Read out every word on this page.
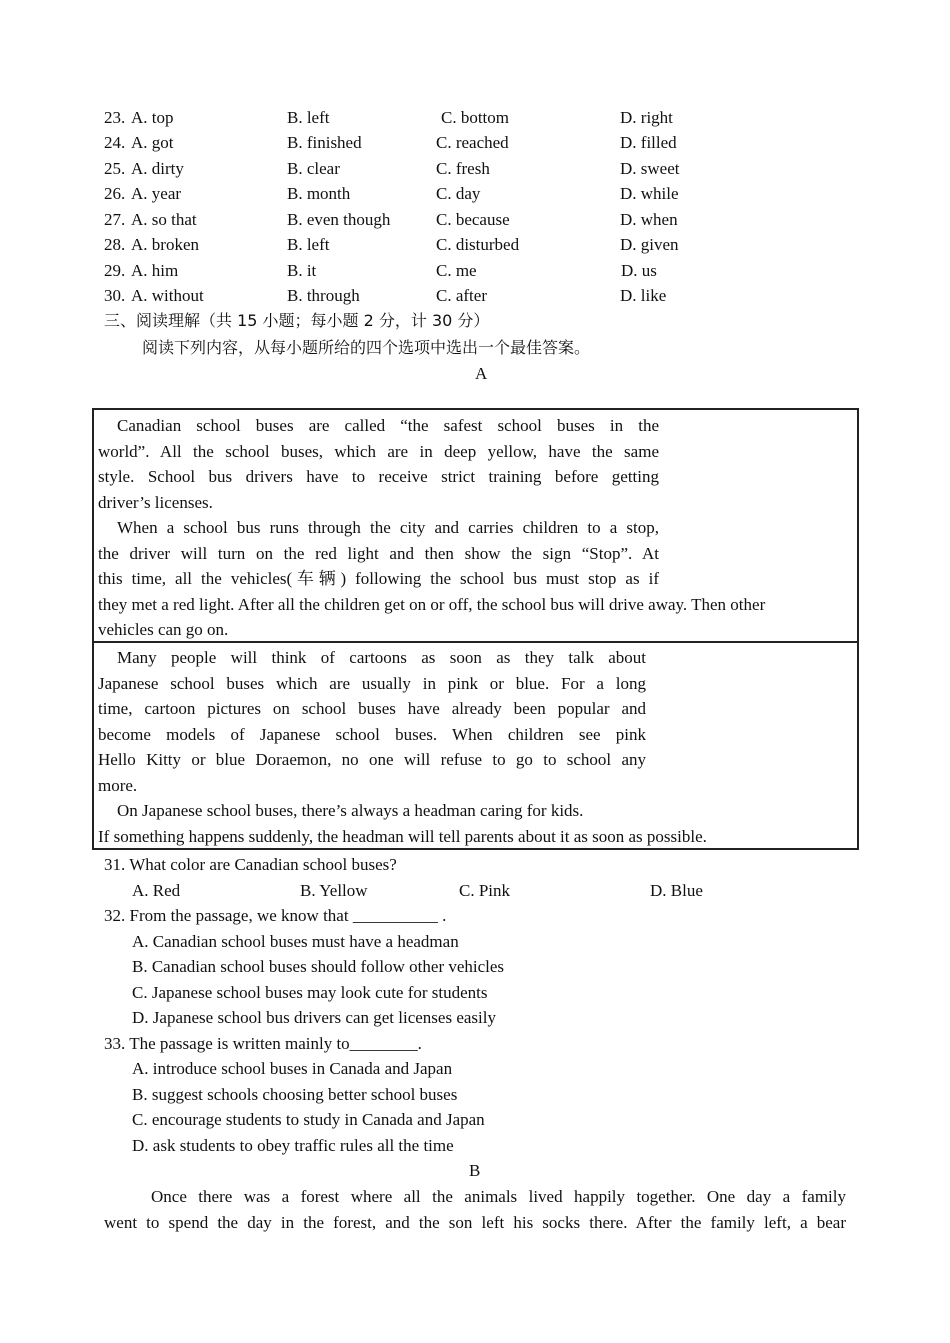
23. A. top	B. left	C. bottom	D. right
24. A. got	B. finished	C. reached	D. filled
25. A. dirty	B. clear	C. fresh	D. sweet
26. A. year	B. month	C. day	D. while
27. A. so that	B. even though	C. because	D. when
28. A. broken	B. left	C. disturbed	D. given
29. A. him	B. it	C. me	D. us
30. A. without	B. through	C. after	D. like
三、阅读理解（共 15 小题；每小题 2 分，计 30 分）
阅读下列内容，从每小题所给的四个选项中选出一个最佳答案。
A

Canadian school buses are called “the safest school buses in the

world”. All the school buses, which are in deep yellow, have the same

style. School bus drivers have to receive strict training before getting

driver’s licenses.

When a school bus runs through the city and carries children to a stop,

the driver will turn on the red light and then show the sign “Stop”. At

this time, all the vehicles(车辆) following the school bus must stop as if

they met a red light. After all the children get on or off, the school bus will drive away. Then other

vehicles can go on.

Many people will think of cartoons as soon as they talk about

Japanese school buses which are usually in pink or blue. For a long

time, cartoon pictures on school buses have already been popular and

become models of Japanese school buses. When children see pink

Hello Kitty or blue Doraemon, no one will refuse to go to school any

more.

On Japanese school buses, there’s always a headman caring for kids.

If something happens suddenly, the headman will tell parents about it as soon as possible.

31. What color are Canadian school buses?
A. Red	B. Yellow	C. Pink	D. Blue
32. From the passage, we know that __________ .
A. Canadian school buses must have a headman
B. Canadian school buses should follow other vehicles
C. Japanese school buses may look cute for students
D. Japanese school bus drivers can get licenses easily
33. The passage is written mainly to________.
A. introduce school buses in Canada and Japan
B. suggest schools choosing better school buses
C. encourage students to study in Canada and Japan
D. ask students to obey traffic rules all the time
B

Once there was a forest where all the animals lived happily together. One day a family

went to spend the day in the forest, and the son left his socks there. After the family left, a bear
